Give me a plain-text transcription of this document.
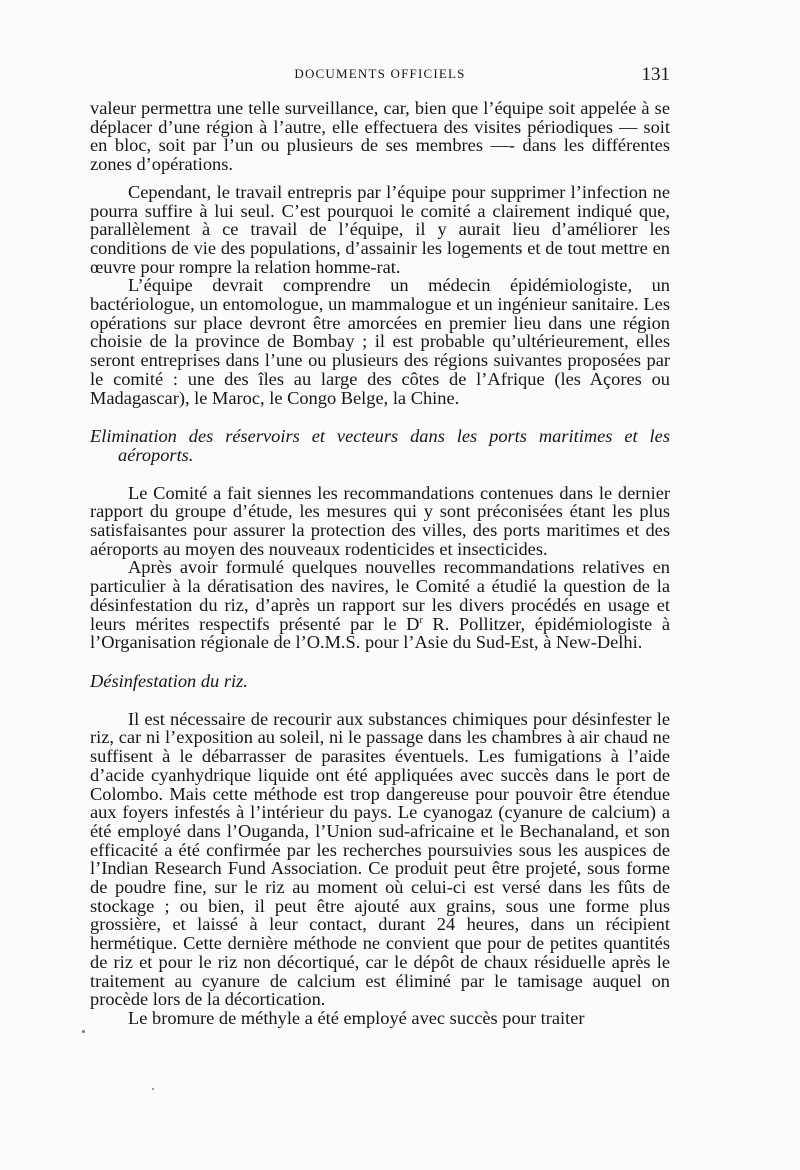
DOCUMENTS OFFICIELS	131

valeur permettra une telle surveillance, car, bien que l’équipe soit appelée à se déplacer d’une région à l’autre, elle effectuera des visites périodiques — soit en bloc, soit par l’un ou plusieurs de ses membres —- dans les différentes zones d’opérations.

Cependant, le travail entrepris par l’équipe pour supprimer l’infection ne pourra suffire à lui seul. C’est pourquoi le comité a clairement indiqué que, parallèlement à ce travail de l’équipe, il y aurait lieu d’améliorer les conditions de vie des populations, d’assainir les logements et de tout mettre en œuvre pour rompre la relation homme-rat.

L’équipe devrait comprendre un médecin épidémiologiste, un bactériologue, un entomologue, un mammalogue et un ingénieur sanitaire. Les opérations sur place devront être amorcées en premier lieu dans une région choisie de la province de Bombay ; il est probable qu’ultérieurement, elles seront entreprises dans l’une ou plusieurs des régions suivantes proposées par le comité : une des îles au large des côtes de l’Afrique (les Açores ou Madagascar), le Maroc, le Congo Belge, la Chine.

Elimination des réservoirs et vecteurs dans les ports maritimes et les aéroports.

Le Comité a fait siennes les recommandations contenues dans le dernier rapport du groupe d’étude, les mesures qui y sont préconisées étant les plus satisfaisantes pour assurer la protection des villes, des ports maritimes et des aéroports au moyen des nouveaux rodenticides et insecticides.

Après avoir formulé quelques nouvelles recommandations relatives en particulier à la dératisation des navires, le Comité a étudié la question de la désinfestation du riz, d’après un rapport sur les divers procédés en usage et leurs mérites respectifs présenté par le $D^r$ R. Pollitzer, épidémiologiste à l’Organisation régionale de l’O.M.S. pour l’Asie du Sud-Est, à New-Delhi.

Désinfestation du riz.

Il est nécessaire de recourir aux substances chimiques pour désinfester le riz, car ni l’exposition au soleil, ni le passage dans les chambres à air chaud ne suffisent à le débarrasser de parasites éventuels. Les fumigations à l’aide d’acide cyanhydrique liquide ont été appliquées avec succès dans le port de Colombo. Mais cette méthode est trop dangereuse pour pouvoir être étendue aux foyers infestés à l’intérieur du pays. Le cyanogaz (cyanure de calcium) a été employé dans l’Ouganda, l’Union sud-africaine et le Bechanaland, et son efficacité a été confirmée par les recherches poursuivies sous les auspices de l’Indian Research Fund Association. Ce produit peut être projeté, sous forme de poudre fine, sur le riz au moment où celui-ci est versé dans les fûts de stockage ; ou bien, il peut être ajouté aux grains, sous une forme plus grossière, et laissé à leur contact, durant 24 heures, dans un récipient hermétique. Cette dernière méthode ne convient que pour de petites quantités de riz et pour le riz non décortiqué, car le dépôt de chaux résiduelle après le traitement au cyanure de calcium est éliminé par le tamisage auquel on procède lors de la décortication.

Le bromure de méthyle a été employé avec succès pour traiter
